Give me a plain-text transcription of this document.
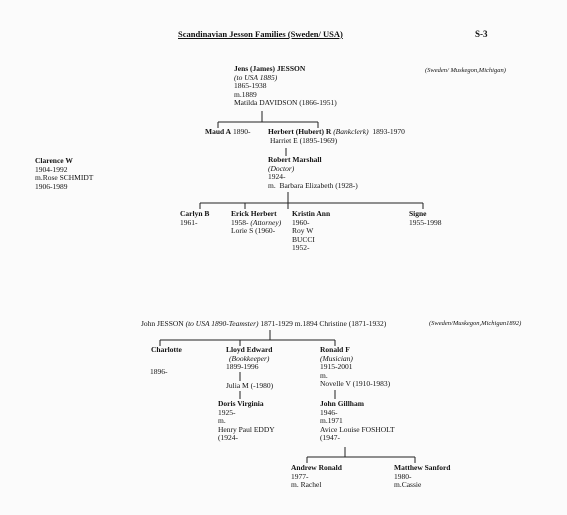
Scandinavian Jesson Families (Sweden/ USA)	S-3
(Sweden/ Muskegon,Michigan)
Jens (James) JESSON
(to USA 1885)
1865-1938
m.1889
Matilda DAVIDSON (1866-1951)
Maud A 1890- Herbert (Hubert) R (Bankclerk) 1893-1970
Harriet E (1895-1969)
Robert Marshall
(Doctor)
1924-
m. Barbara Elizabeth (1928-)
Clarence W
1904-1992
m.Rose SCHMIDT
1906-1989
Carlyn B
1961-
Erick Herbert
1958- (Attorney)
Lorie S (1960-
Kristin Ann
1960-
Roy W
BUCCI
1952-
Signe
1955-1998
John JESSON (to USA 1890-Teamster) 1871-1929 m.1894 Christine (1871-1932)	(Sweden/Muskegon,Michigan1892)
Charlotte
1896-
Lloyd Edward
(Bookkeeper)
1899-1996
Julia M (-1980)
Doris Virginia
1925-
m.
Henry Paul EDDY
(1924-
Ronald F
(Musician)
1915-2001
m.
Novelle V (1910-1983)
John Gillham
1946-
m.1971
Avice Louise FOSHOLT
(1947-
Andrew Ronald
1977-
m. Rachel
Matthew Sanford
1980-
m.Cassie
